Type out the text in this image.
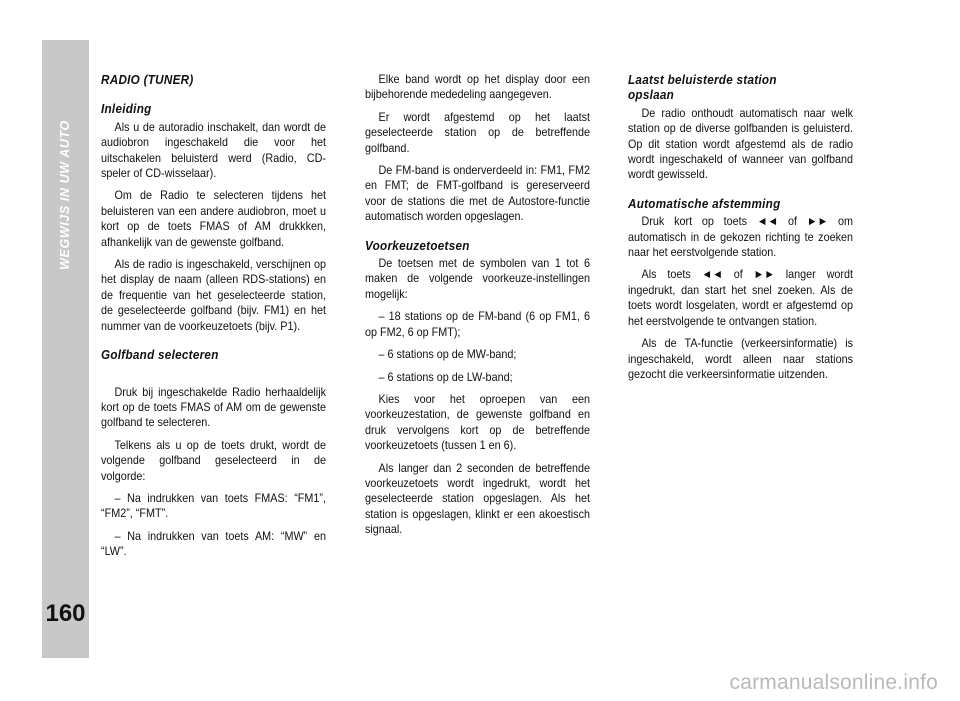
WEGWIJS IN UW AUTO
160
RADIO (TUNER)
Inleiding

Als u de autoradio inschakelt, dan wordt de audiobron ingeschakeld die voor het uitschakelen beluisterd werd (Radio, CD-speler of CD-wisselaar).

Om de Radio te selecteren tijdens het beluisteren van een andere audiobron, moet u kort op de toets FMAS of AM drukkken, afhankelijk van de gewenste golfband.

Als de radio is ingeschakeld, verschijnen op het display de naam (alleen RDS-stations) en de frequentie van het geselecteerde station, de geselecteerde golfband (bijv. FM1) en het nummer van de voorkeuzetoets (bijv. P1).

Golfband selecteren

Druk bij ingeschakelde Radio herhaaldelijk kort op de toets FMAS of AM om de gewenste golfband te selecteren.

Telkens als u op de toets drukt, wordt de volgende golfband geselecteerd in de volgorde:

– Na indrukken van toets FMAS: “FM1”, “FM2”, “FMT”.

– Na indrukken van toets AM: “MW” en “LW”.

Elke band wordt op het display door een bijbehorende mededeling aangegeven.

Er wordt afgestemd op het laatst geselecteerde station op de betreffende golfband.

De FM-band is onderverdeeld in: FM1, FM2 en FMT; de FMT-golfband is gereserveerd voor de stations die met de Autostore-functie automatisch worden opgeslagen.

Voorkeuzetoetsen

De toetsen met de symbolen van 1 tot 6 maken de volgende voorkeuze-instellingen mogelijk:

– 18 stations op de FM-band (6 op FM1, 6 op FM2, 6 op FMT);

– 6 stations op de MW-band;

– 6 stations op de LW-band;

Kies voor het oproepen van een voorkeuzestation, de gewenste golfband en druk vervolgens kort op de betreffende voorkeuzetoets (tussen 1 en 6).

Als langer dan 2 seconden de betreffende voorkeuzetoets wordt ingedrukt, wordt het geselecteerde station opgeslagen. Als het station is opgeslagen, klinkt er een akoestisch signaal.

Laatst beluisterde station
opslaan

De radio onthoudt automatisch naar welk station op de diverse golfbanden is geluisterd. Op dit station wordt afgestemd als de radio wordt ingeschakeld of wanneer van golfband wordt gewisseld.

Automatische afstemming

Druk kort op toets ◄◄ of ►► om automatisch in de gekozen richting te zoeken naar het eerstvolgende station.

Als toets ◄◄ of ►► langer wordt ingedrukt, dan start het snel zoeken. Als de toets wordt losgelaten, wordt er afgestemd op het eerstvolgende te ontvangen station.

Als de TA-functie (verkeersinformatie) is ingeschakeld, wordt alleen naar stations gezocht die verkeersinformatie uitzenden.

carmanualsonline.info
